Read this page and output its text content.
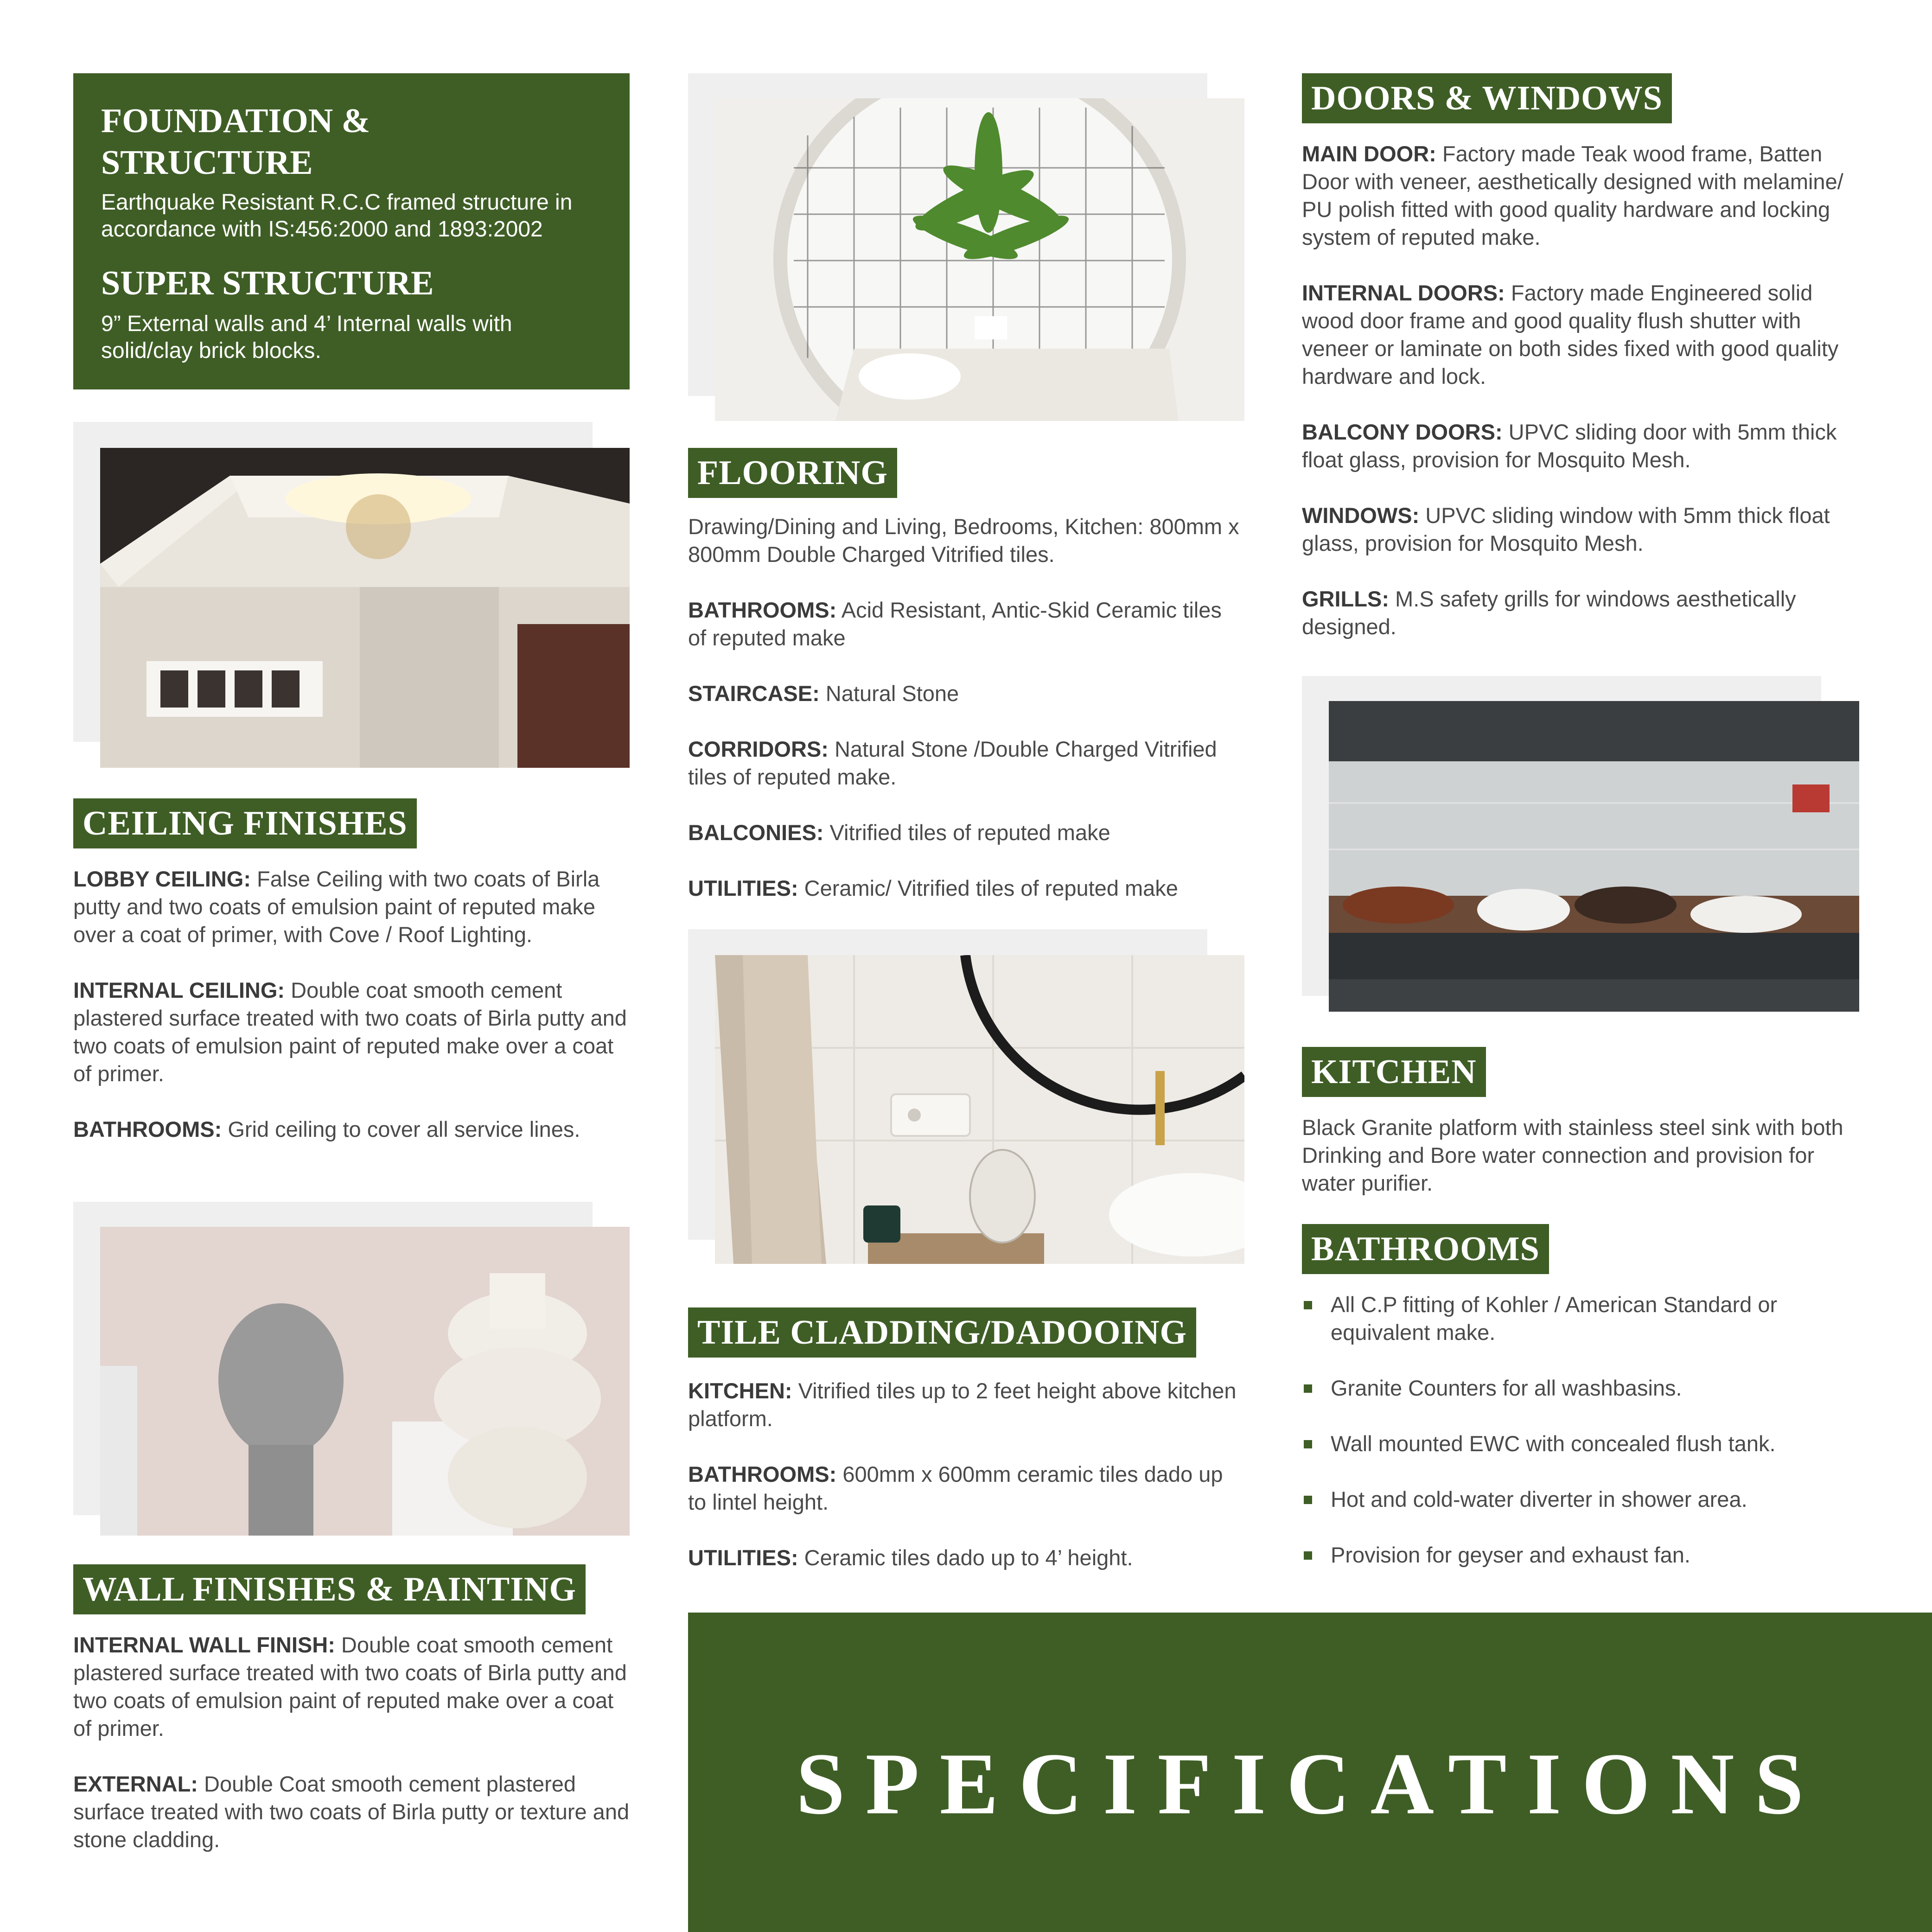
FOUNDATION &
STRUCTURE
Earthquake Resistant R.C.C framed structure in
accordance with IS:456:2000 and 1893:2002
SUPER STRUCTURE
9” External walls and 4’ Internal walls with
solid/clay brick blocks.
CEILING FINISHES

LOBBY CEILING: False Ceiling with two coats of Birla putty and two coats of emulsion paint of reputed make over a coat of primer, with Cove / Roof Lighting.

INTERNAL CEILING: Double coat smooth cement plastered surface treated with two coats of Birla putty and two coats of emulsion paint of reputed make over a coat of primer.

BATHROOMS: Grid ceiling to cover all service lines.

WALL FINISHES & PAINTING

INTERNAL WALL FINISH: Double coat smooth cement plastered surface treated with two coats of Birla putty and two coats of emulsion paint of reputed make over a coat of primer.

EXTERNAL: Double Coat smooth cement plastered surface treated with two coats of Birla putty or texture and stone cladding.

FLOORING

Drawing/Dining and Living, Bedrooms, Kitchen: 800mm x 800mm Double Charged Vitrified tiles.

BATHROOMS: Acid Resistant, Antic-Skid Ceramic tiles of reputed make

STAIRCASE: Natural Stone

CORRIDORS: Natural Stone /Double Charged Vitrified tiles of reputed make.

BALCONIES: Vitrified tiles of reputed make

UTILITIES: Ceramic/ Vitrified tiles of reputed make

TILE CLADDING/DADOOING

KITCHEN: Vitrified tiles up to 2 feet height above kitchen platform.

BATHROOMS: 600mm x 600mm ceramic tiles dado up to lintel height.

UTILITIES: Ceramic tiles dado up to 4’ height.

DOORS & WINDOWS

MAIN DOOR: Factory made Teak wood frame, Batten Door with veneer, aesthetically designed with melamine/ PU polish fitted with good quality hardware and locking system of reputed make.

INTERNAL DOORS: Factory made Engineered solid wood door frame and good quality flush shutter with veneer or laminate on both sides fixed with good quality hardware and lock.

BALCONY DOORS: UPVC sliding door with 5mm thick float glass, provision for Mosquito Mesh.

WINDOWS: UPVC sliding window with 5mm thick float glass, provision for Mosquito Mesh.

GRILLS: M.S safety grills for windows aesthetically designed.

KITCHEN

Black Granite platform with stainless steel sink with both Drinking and Bore water connection and provision for water purifier.

BATHROOMS
All C.P fitting of Kohler / American Standard or equivalent make.
Granite Counters for all washbasins.
Wall mounted EWC with concealed flush tank.
Hot and cold-water diverter in shower area.
Provision for geyser and exhaust fan.
SPECIFICATIONS
